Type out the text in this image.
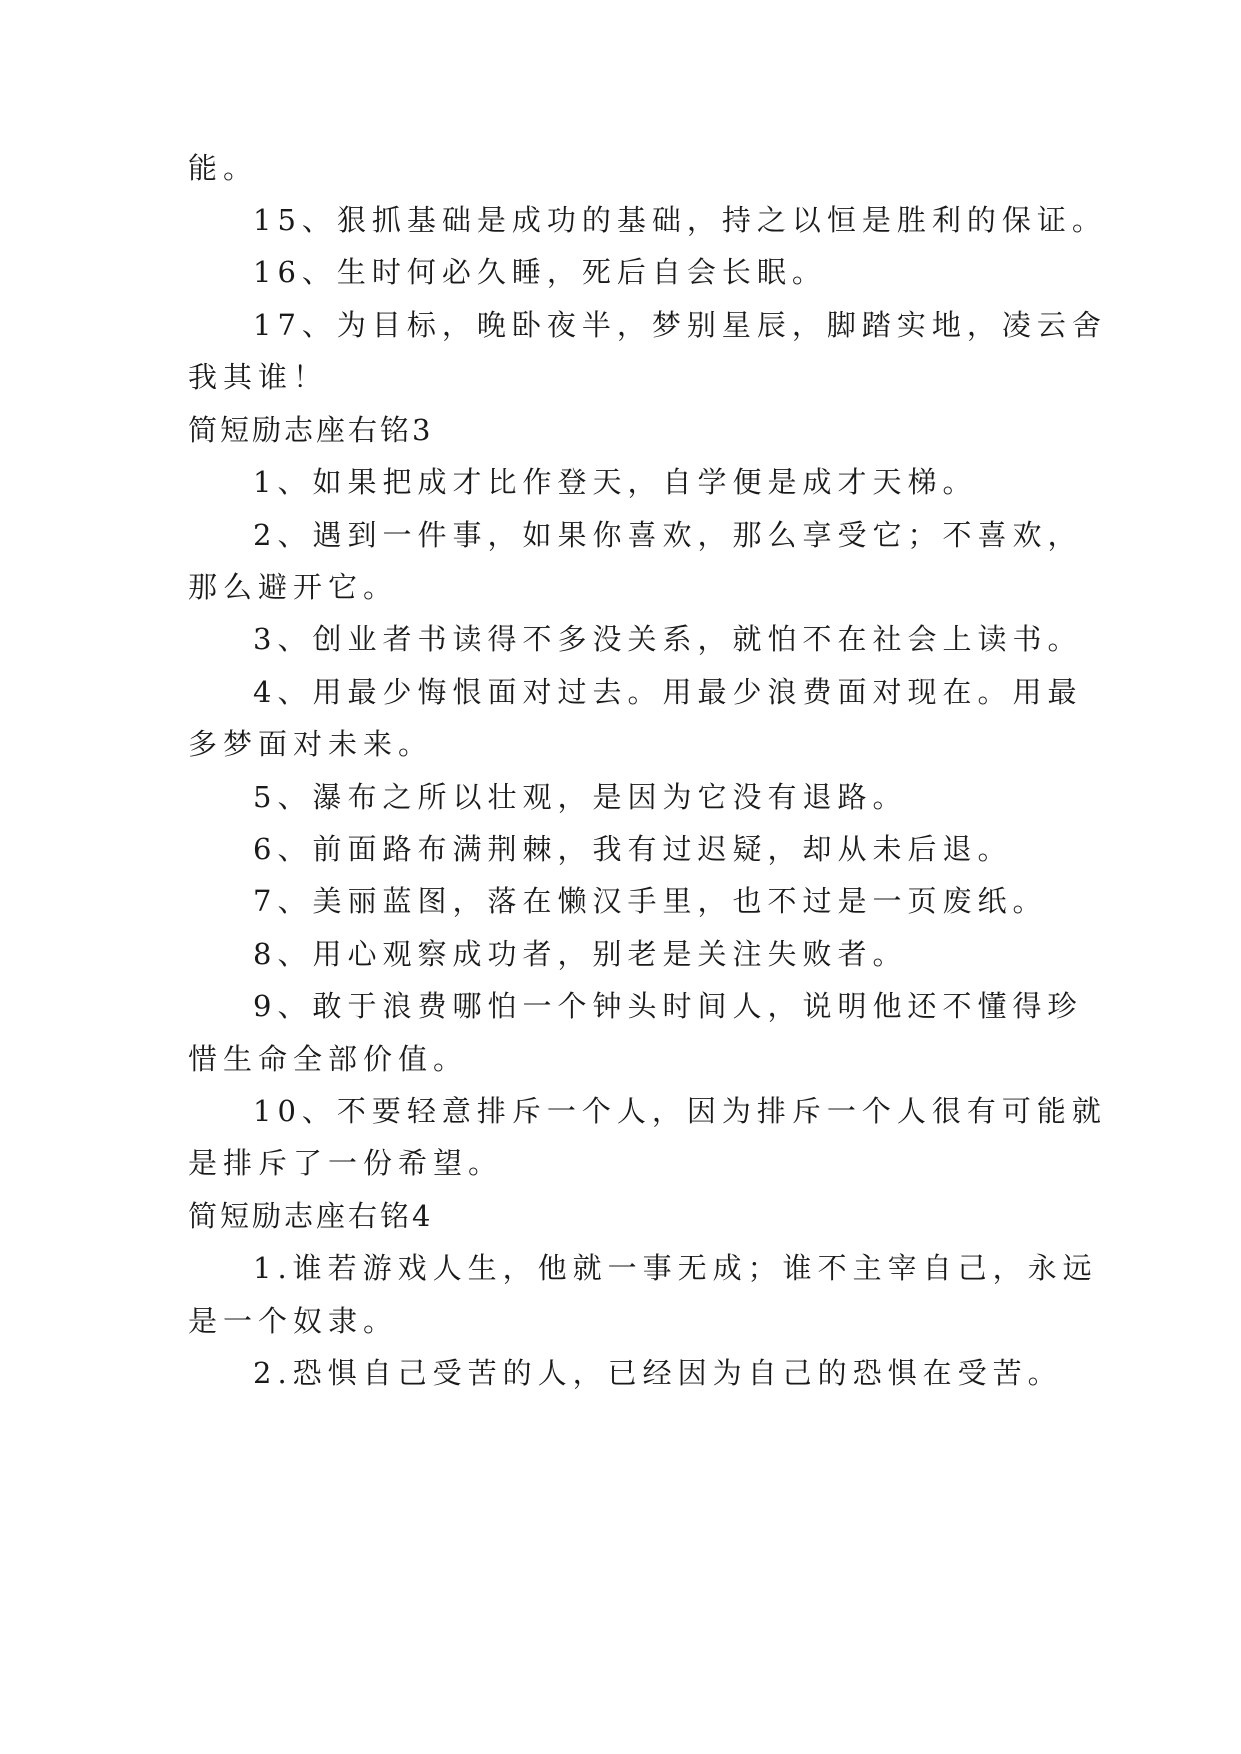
能。
15、狠抓基础是成功的基础，持之以恒是胜利的保证。
16、生时何必久睡，死后自会长眠。
17、为目标，晚卧夜半，梦别星辰，脚踏实地，凌云舍
我其谁！
简短励志座右铭3
1、如果把成才比作登天，自学便是成才天梯。
2、遇到一件事，如果你喜欢，那么享受它；不喜欢，
那么避开它。
3、创业者书读得不多没关系，就怕不在社会上读书。
4、用最少悔恨面对过去。用最少浪费面对现在。用最
多梦面对未来。
5、瀑布之所以壮观，是因为它没有退路。
6、前面路布满荆棘，我有过迟疑，却从未后退。
7、美丽蓝图，落在懒汉手里，也不过是一页废纸。
8、用心观察成功者，别老是关注失败者。
9、敢于浪费哪怕一个钟头时间人，说明他还不懂得珍
惜生命全部价值。
10、不要轻意排斥一个人，因为排斥一个人很有可能就
是排斥了一份希望。
简短励志座右铭4
1.谁若游戏人生，他就一事无成；谁不主宰自己，永远
是一个奴隶。
2.恐惧自己受苦的人，已经因为自己的恐惧在受苦。
